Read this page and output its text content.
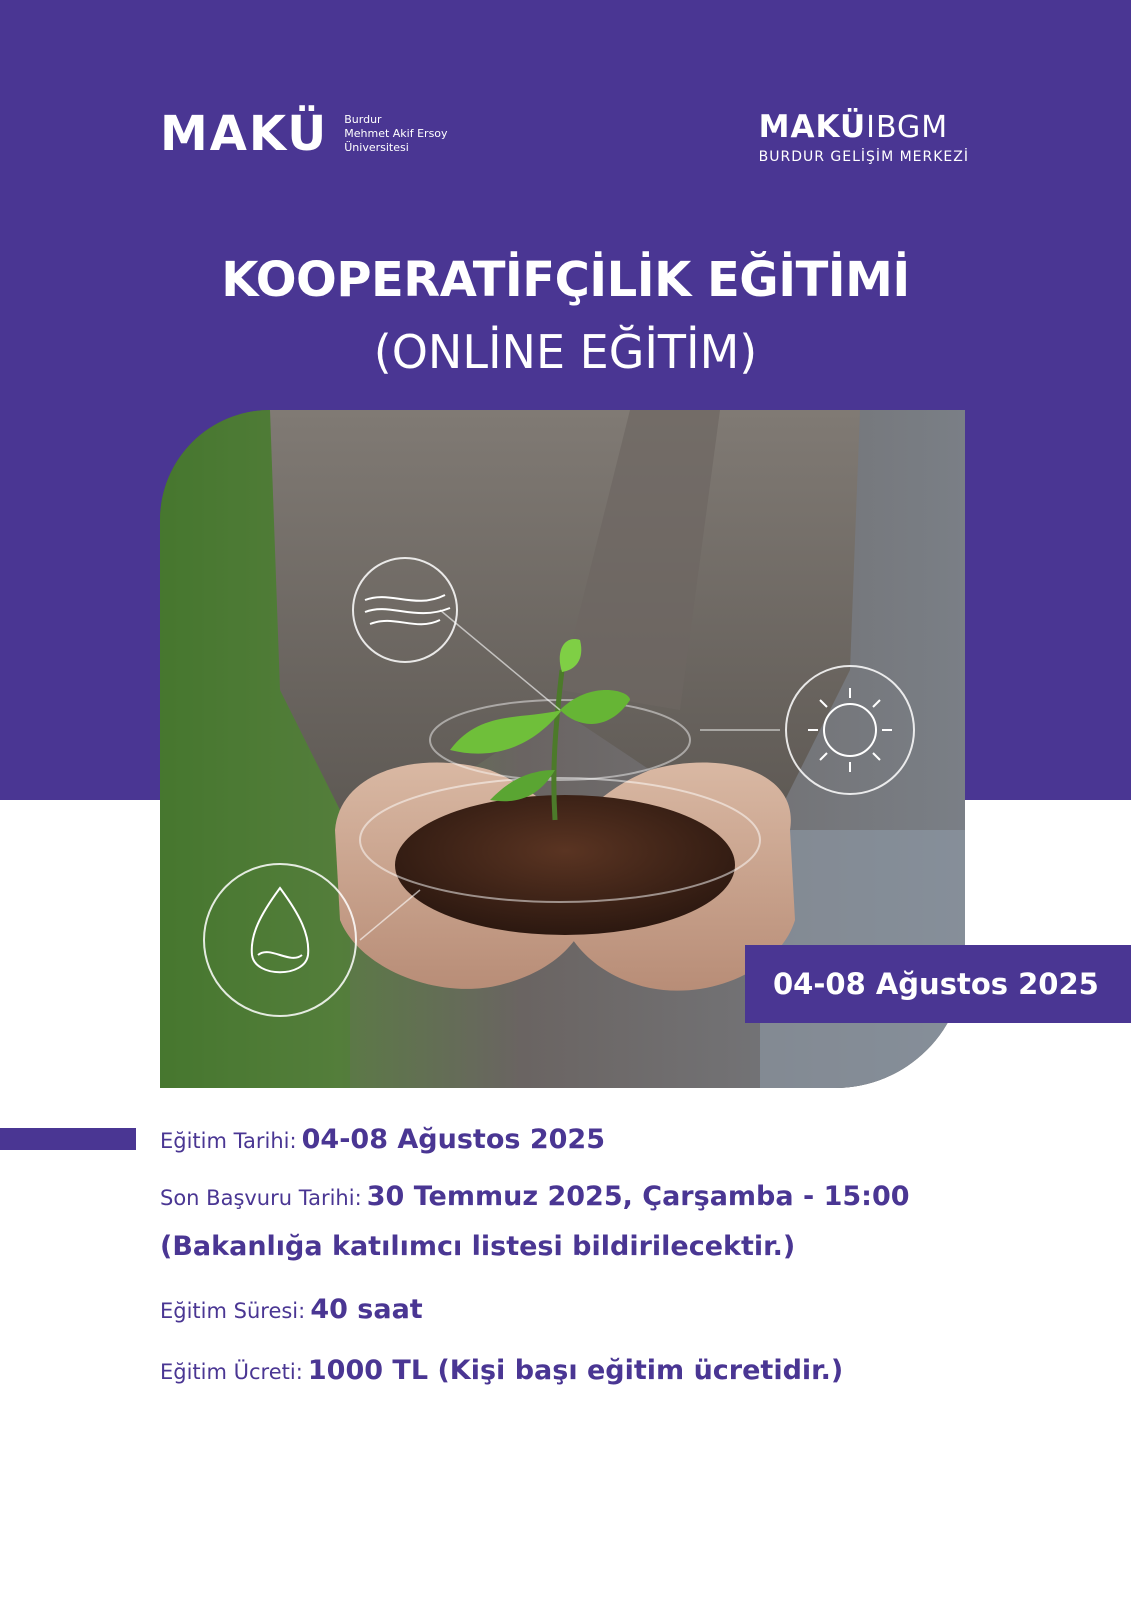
MAKÜ Burdur
Mehmet Akif Ersoy
Üniversitesi
MAKÜ IBGM
BURDUR GELİŞİM MERKEZİ
KOOPERATİFÇİLİK EĞİTİMİ
(ONLİNE EĞİTİM)
04-08 Ağustos 2025
Eğitim Tarihi: 04-08 Ağustos 2025
Son Başvuru Tarihi: 30 Temmuz 2025, Çarşamba - 15:00
(Bakanlığa katılımcı listesi bildirilecektir.)
Eğitim Süresi: 40 saat
Eğitim Ücreti: 1000 TL (Kişi başı eğitim ücretidir.)
